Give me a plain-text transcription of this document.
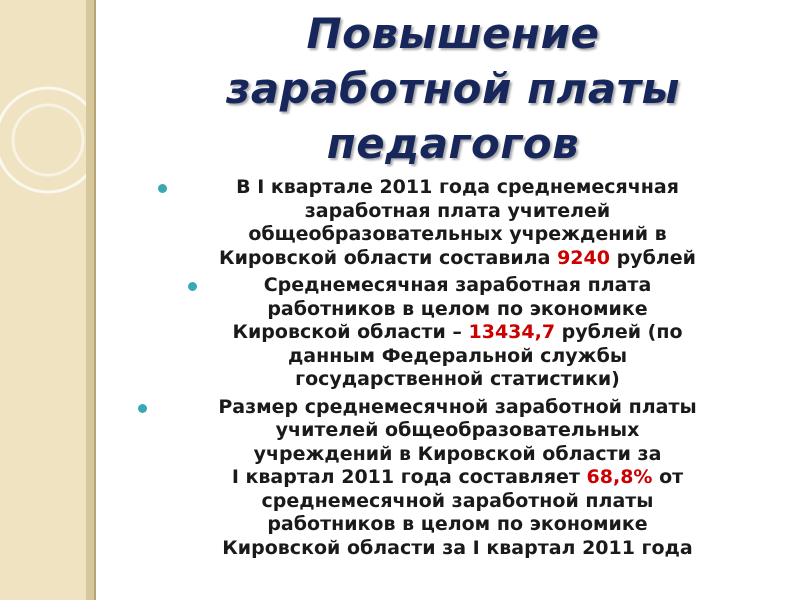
Повышение
заработной платы
педагогов
В I квартале 2011 года среднемесячная
заработная плата учителей
общеобразовательных учреждений в
Кировской области составила 9240 рублей
Среднемесячная заработная плата
работников в целом по экономике
Кировской области – 13434,7 рублей (по
данным Федеральной службы
государственной статистики)
Размер среднемесячной заработной платы
учителей общеобразовательных
учреждений в Кировской области за
I квартал 2011 года составляет 68,8% от
среднемесячной заработной платы
работников в целом по экономике
Кировской области за I квартал 2011 года
